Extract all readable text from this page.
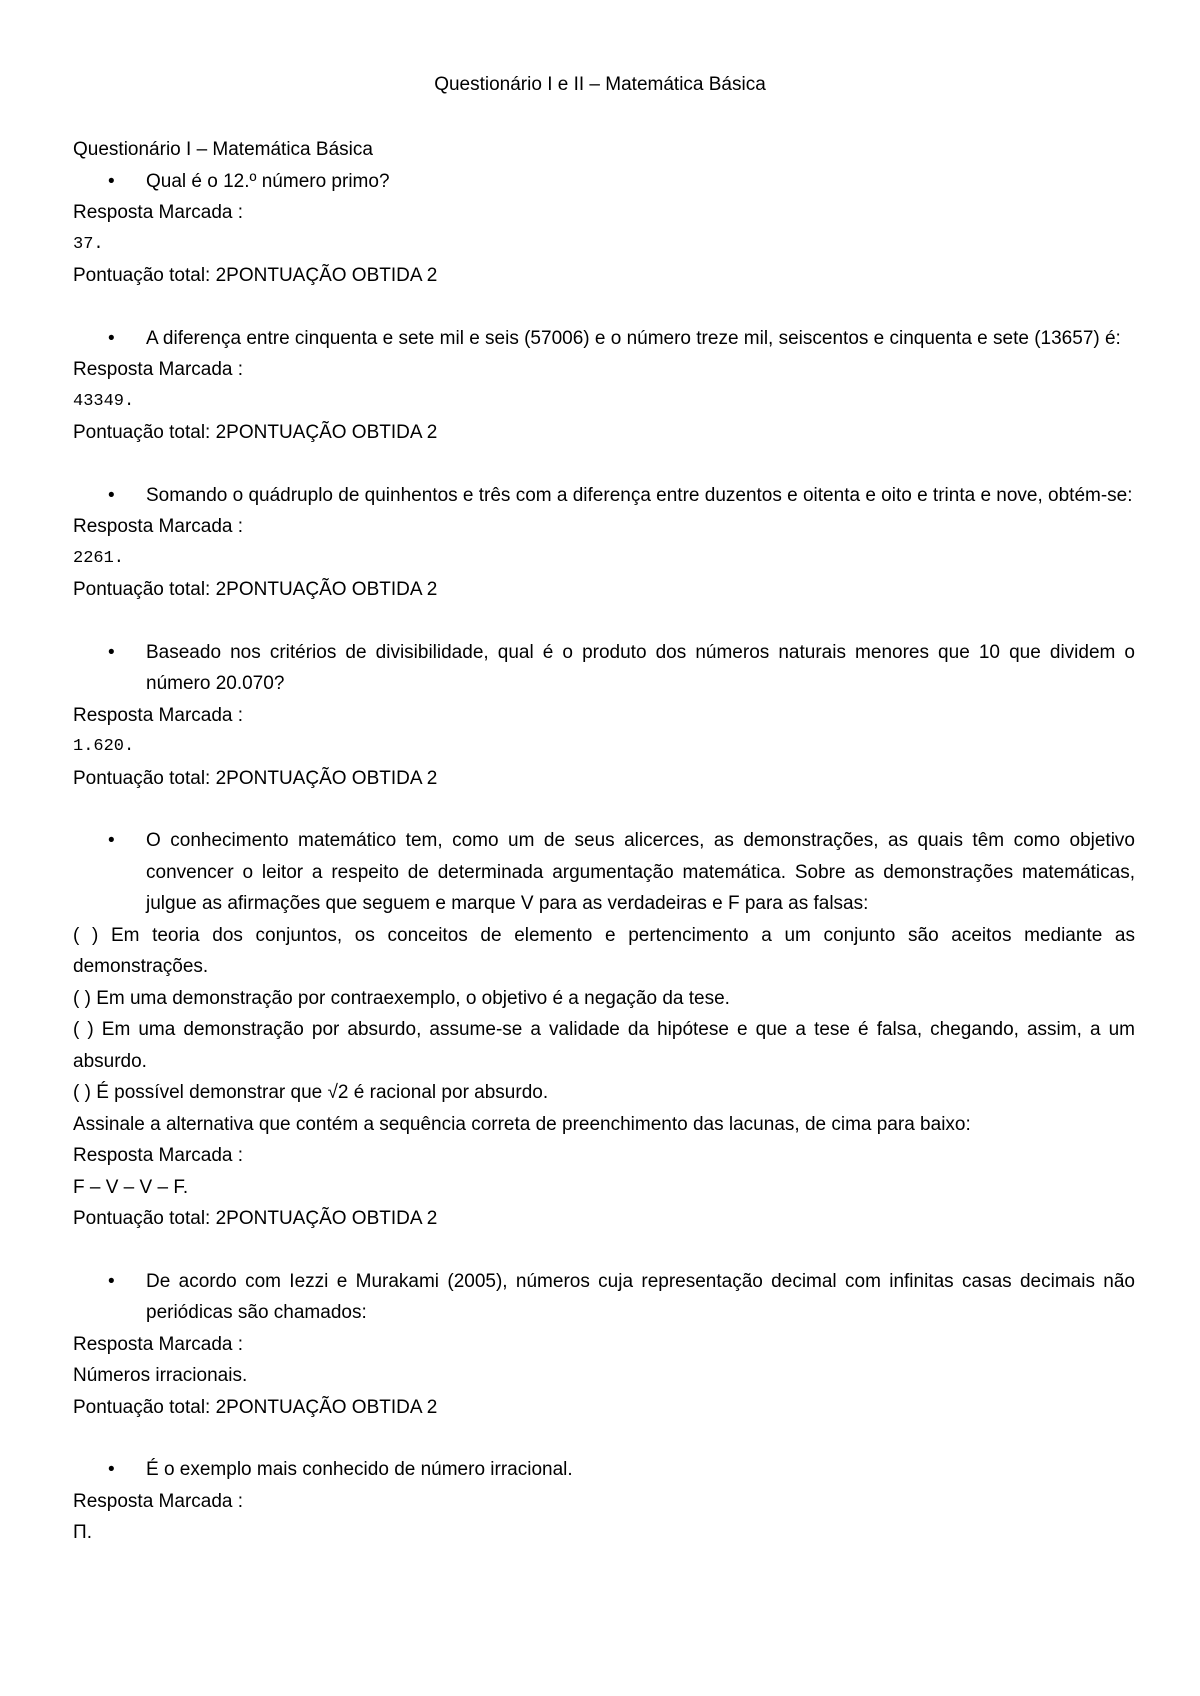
Questionário I e II – Matemática Básica

Questionário I – Matemática Básica

• Qual é o 12.º número primo?

Resposta Marcada :

37.

Pontuação total: 2PONTUAÇÃO OBTIDA 2

• A diferença entre cinquenta e sete mil e seis (57006) e o número treze mil, seiscentos e cinquenta e sete (13657) é:

Resposta Marcada :

43349.

Pontuação total: 2PONTUAÇÃO OBTIDA 2

• Somando o quádruplo de quinhentos e três com a diferença entre duzentos e oitenta e oito e trinta e nove, obtém-se:

Resposta Marcada :

2261.

Pontuação total: 2PONTUAÇÃO OBTIDA 2

• Baseado nos critérios de divisibilidade, qual é o produto dos números naturais menores que 10 que dividem o número 20.070?

Resposta Marcada :

1.620.

Pontuação total: 2PONTUAÇÃO OBTIDA 2

• O conhecimento matemático tem, como um de seus alicerces, as demonstrações, as quais têm como objetivo convencer o leitor a respeito de determinada argumentação matemática. Sobre as demonstrações matemáticas, julgue as afirmações que seguem e marque V para as verdadeiras e F para as falsas:

( ) Em teoria dos conjuntos, os conceitos de elemento e pertencimento a um conjunto são aceitos mediante as demonstrações.

( ) Em uma demonstração por contraexemplo, o objetivo é a negação da tese.

( ) Em uma demonstração por absurdo, assume-se a validade da hipótese e que a tese é falsa, chegando, assim, a um absurdo.

( ) É possível demonstrar que √2 é racional por absurdo.

Assinale a alternativa que contém a sequência correta de preenchimento das lacunas, de cima para baixo:

Resposta Marcada :

F – V – V – F.

Pontuação total: 2PONTUAÇÃO OBTIDA 2

• De acordo com Iezzi e Murakami (2005), números cuja representação decimal com infinitas casas decimais não periódicas são chamados:

Resposta Marcada :

Números irracionais.

Pontuação total: 2PONTUAÇÃO OBTIDA 2

• É o exemplo mais conhecido de número irracional.

Resposta Marcada :

Π.
